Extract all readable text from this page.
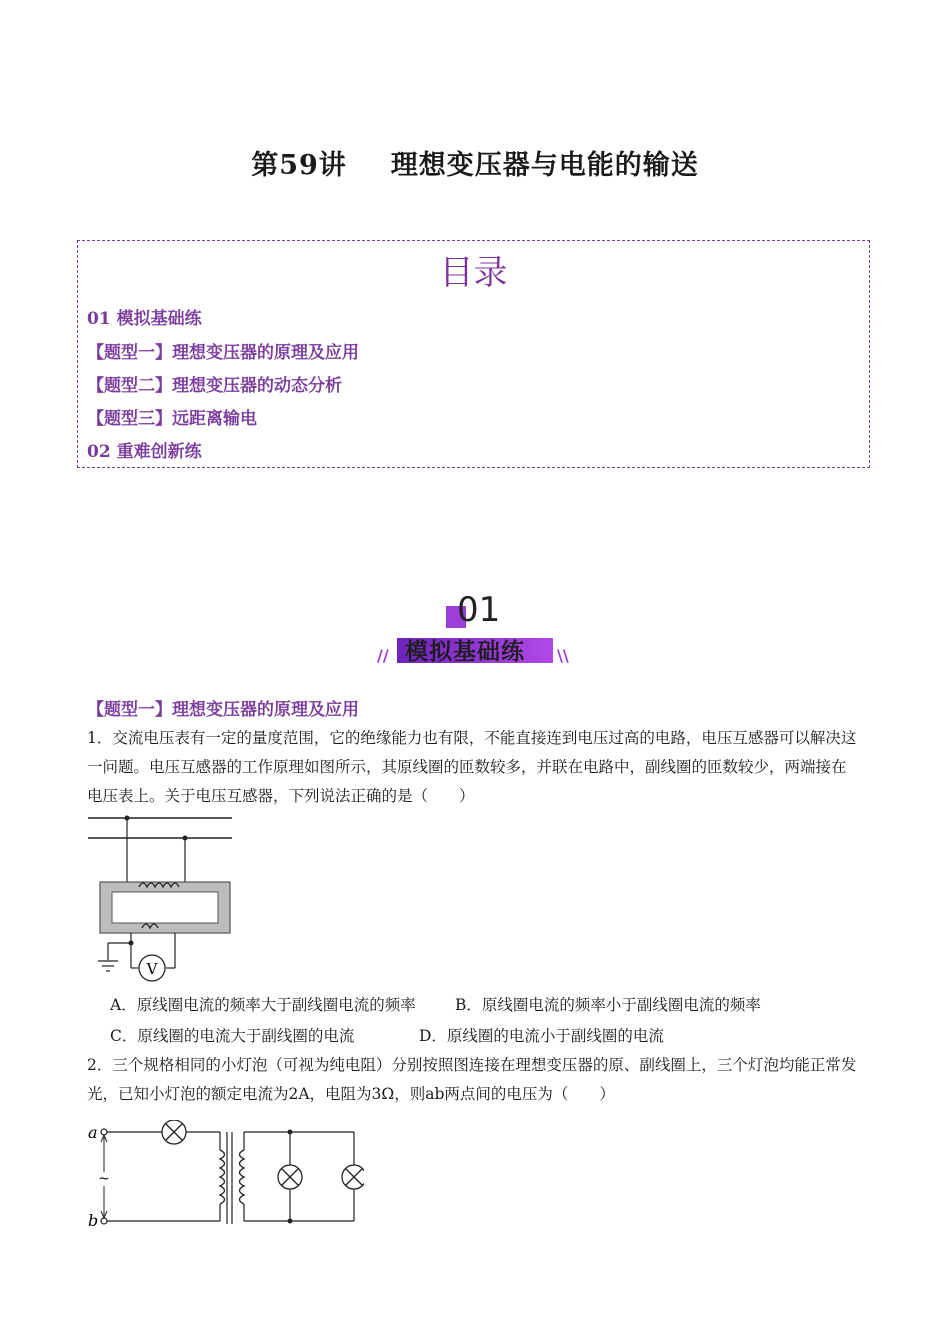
第59讲 理想变压器与电能的输送
目录
01 模拟基础练
【题型一】理想变压器的原理及应用
【题型二】理想变压器的动态分析
【题型三】远距离输电
02 重难创新练
01
模拟基础练
//	\\
【题型一】理想变压器的原理及应用
1．交流电压表有一定的量度范围，它的绝缘能力也有限，不能直接连到电压过高的电路，电压互感器可以解决这一问题。电压互感器的工作原理如图所示，其原线圈的匝数较多，并联在电路中，副线圈的匝数较少，两端接在电压表上。关于电压互感器，下列说法正确的是（　　）
V
A．原线圈电流的频率大于副线圈电流的频率	B．原线圈电流的频率小于副线圈电流的频率
C．原线圈的电流大于副线圈的电流	D．原线圈的电流小于副线圈的电流
2．三个规格相同的小灯泡（可视为纯电阻）分别按照图连接在理想变压器的原、副线圈上，三个灯泡均能正常发光，已知小灯泡的额定电流为2A，电阻为3Ω，则ab两点间的电压为（　　）
a
b
~
